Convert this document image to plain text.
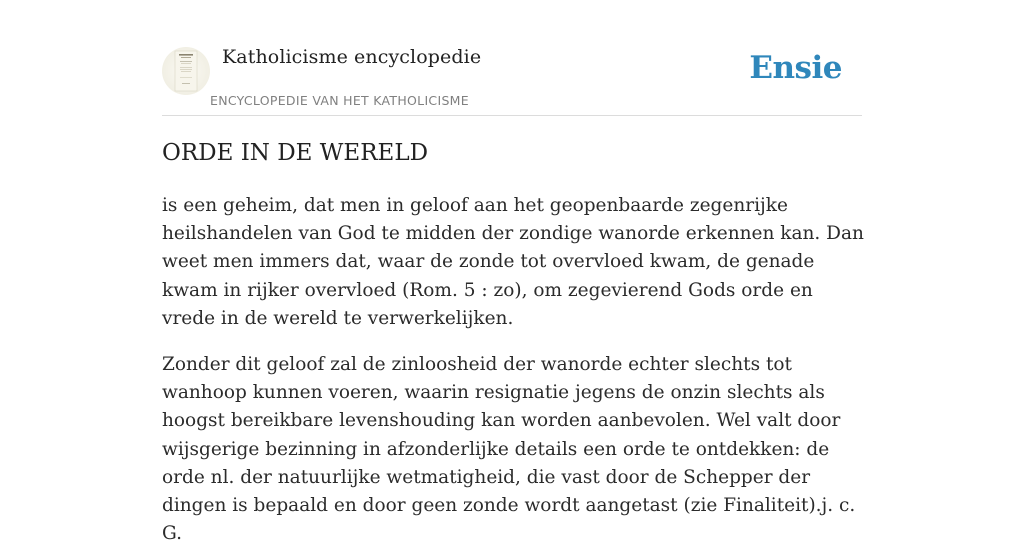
Katholicisme encyclopedie
ENCYCLOPEDIE VAN HET KATHOLICISME
Ensie
ORDE IN DE WERELD

is een geheim, dat men in geloof aan het geopenbaarde zegenrijke heilshandelen van God te midden der zondige wanorde erkennen kan. Dan weet men immers dat, waar de zonde tot overvloed kwam, de genade kwam in rijker overvloed (Rom. 5 : zo), om zegevierend Gods orde en vrede in de wereld te verwerkelijken.

Zonder dit geloof zal de zinloosheid der wanorde echter slechts tot wanhoop kunnen voeren, waarin resignatie jegens de onzin slechts als hoogst bereikbare levenshouding kan worden aanbevolen. Wel valt door wijsgerige bezinning in afzonderlijke details een orde te ontdekken: de orde nl. der natuurlijke wetmatigheid, die vast door de Schepper der dingen is bepaald en door geen zonde wordt aangetast (zie Finaliteit).j. c. G.
